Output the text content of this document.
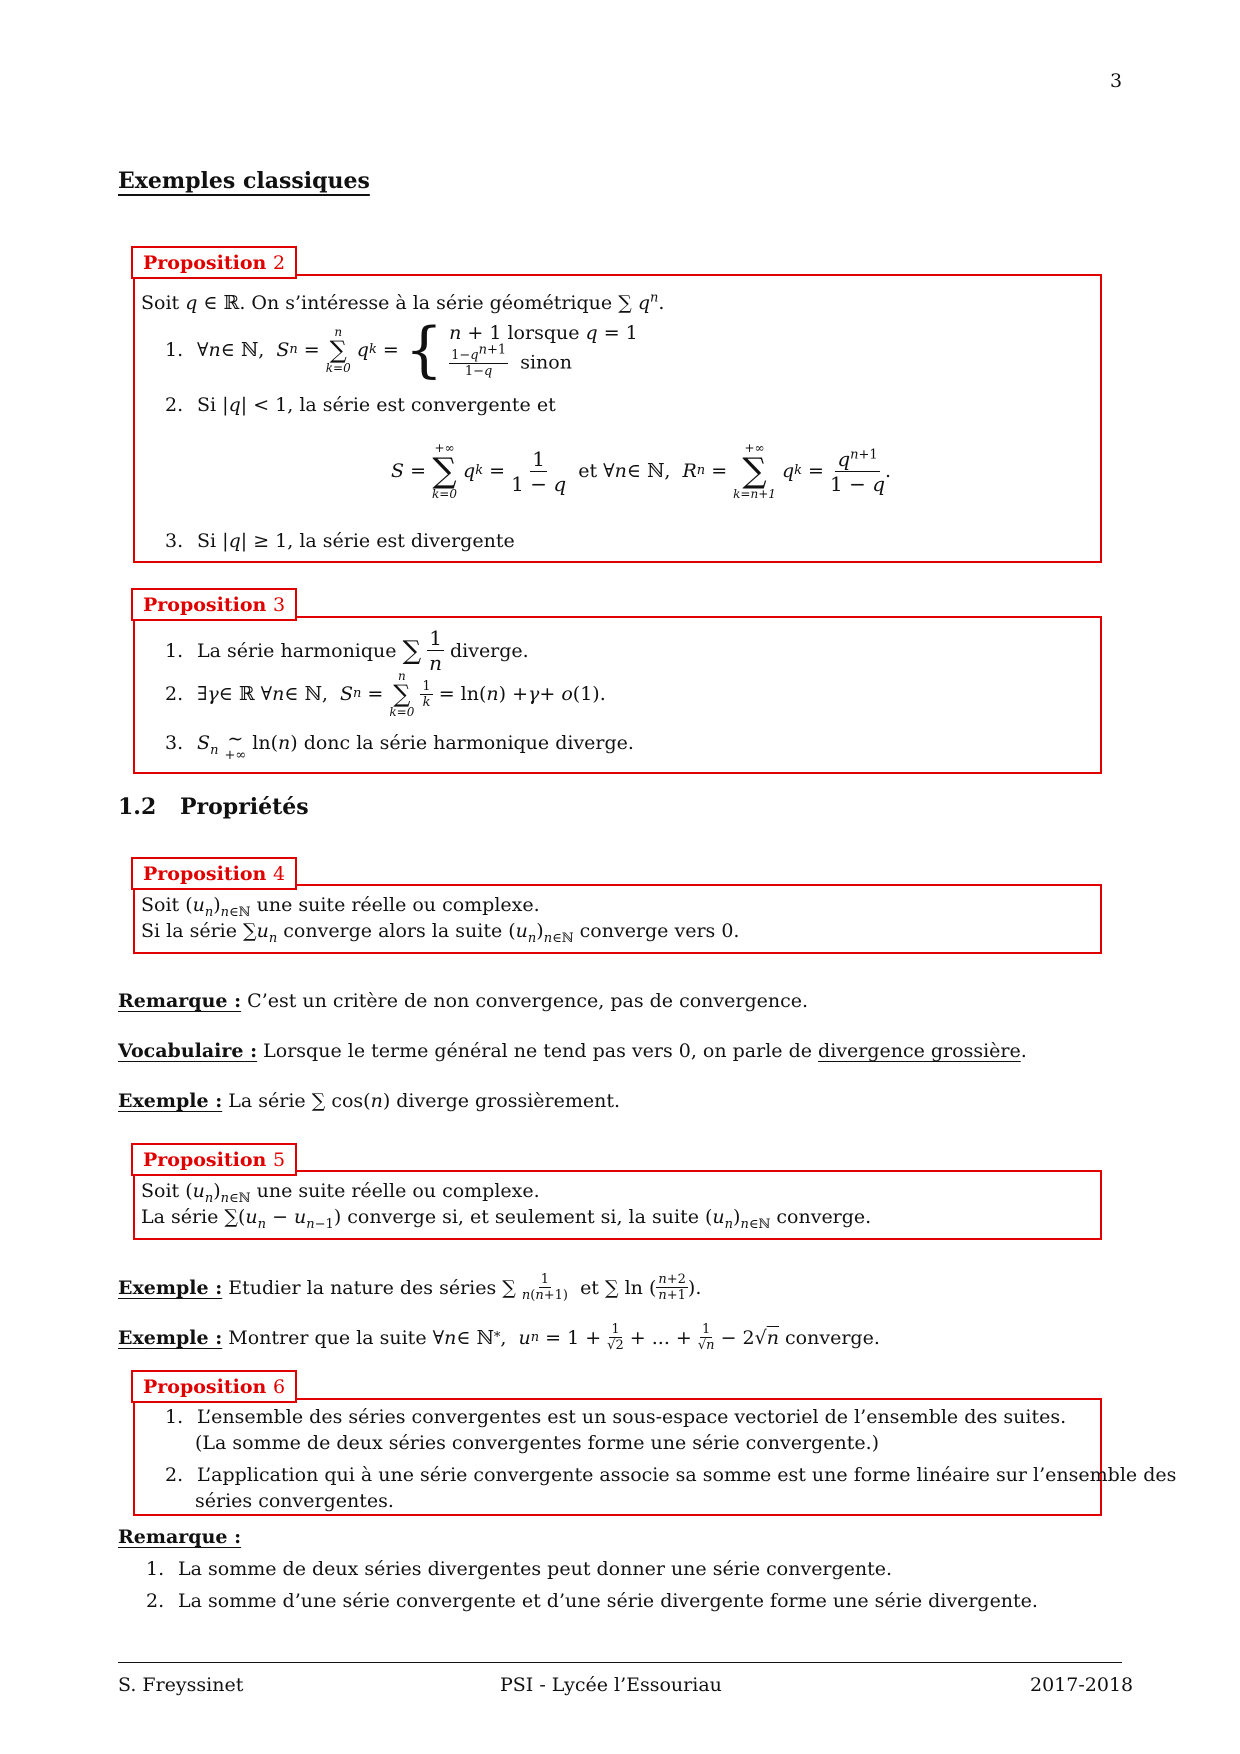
3
Exemples classiques
Proposition 2
Soit q ∈ ℝ. On s’intéresse à la série géométrique ∑ $q^n$.
1. ∀ n ∈ ℕ, S n =
n
∑
k=0

q k = { n + 1 lorsque q = 1

$\frac{1-q^{n+1}}{1-q}$ sinon
2. Si |q| < 1, la série est convergente et
S =
+∞
∑
k=0

q $k = \frac{1}{1 - q}$
et ∀ n ∈ ℕ, R n =
+∞
∑
k=n+1

q $k = \frac{q^{n+1}}{1 - q}$ .
3. Si |q| ≥ 1, la série est divergente
Proposition 3
1.
La série harmonique
∑
$\frac{1}{n}$
diverge.
2. ∃ γ ∈ ℝ ∀ n ∈ ℕ, S n =
n
∑
k=0

$\frac{1}{k} = \ln$( n ) + γ + 𝑜(1).
3. $S_n$
∼
+∞
ln(n) donc la série harmonique diverge.
1.2 Propriétés
Proposition 4
Soit $(u_n)_{n\in ℕ}$ une suite réelle ou complexe.
Si la série $\sum u_n$ converge alors la suite $(u_n)_{n\in ℕ}$ converge vers 0.
Remarque : C’est un critère de non convergence, pas de convergence.
Vocabulaire : Lorsque le terme général ne tend pas vers 0, on parle de divergence grossière.
Exemple : La série ∑ cos(n) diverge grossièrement.
Proposition 5
Soit $(u_n)_{n\in ℕ}$ une suite réelle ou complexe.
La série $\sum(u_n - u_{n-1})$ converge si, et seulement si, la suite $(u_n)_{n\in ℕ}$ converge.
Exemple :
Etudier la nature des séries ∑ $\frac{1}{n(n+1)}$
et ∑ ln ( $\frac{n+2}{n+1}$ ).
Exemple :
Montrer que la suite ∀ n ∈ ℕ * , u $n = 1 + \frac{1}{√2}$ + ... + $\frac{1}{√n} - 2√$ n
converge.
Proposition 6
1. L’ensemble des séries convergentes est un sous-espace vectoriel de l’ensemble des suites.
(La somme de deux séries convergentes forme une série convergente.)
2. L’application qui à une série convergente associe sa somme est une forme linéaire sur l’ensemble des
séries convergentes.
Remarque :
1. La somme de deux séries divergentes peut donner une série convergente.
2. La somme d’une série convergente et d’une série divergente forme une série divergente.
S. Freyssinet	PSI - Lycée l’Essouriau	2017-2018
